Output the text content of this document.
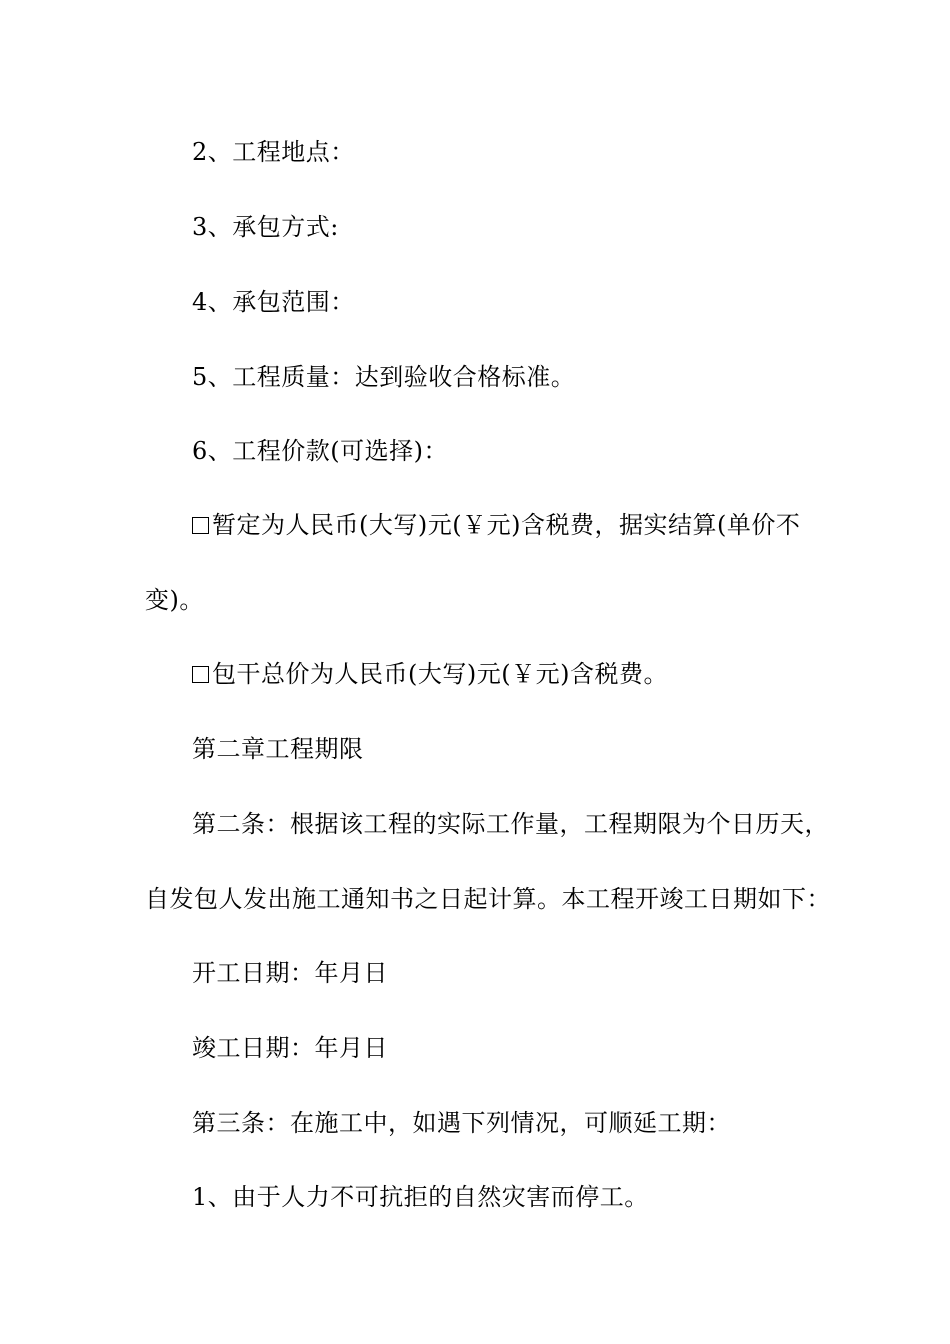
2、工程地点：
3、承包方式:
4、承包范围：
5、工程质量：达到验收合格标准。
6、工程价款(可选择)：
暂定为人民币(大写)元(￥元)含税费，据实结算(单价不
变)。
包干总价为人民币(大写)元(￥元)含税费。
第二章工程期限
第二条：根据该工程的实际工作量，工程期限为个日历天，
自发包人发出施工通知书之日起计算。本工程开竣工日期如下：
开工日期：年月日
竣工日期：年月日
第三条：在施工中，如遇下列情况，可顺延工期：
1、由于人力不可抗拒的自然灾害而停工。
